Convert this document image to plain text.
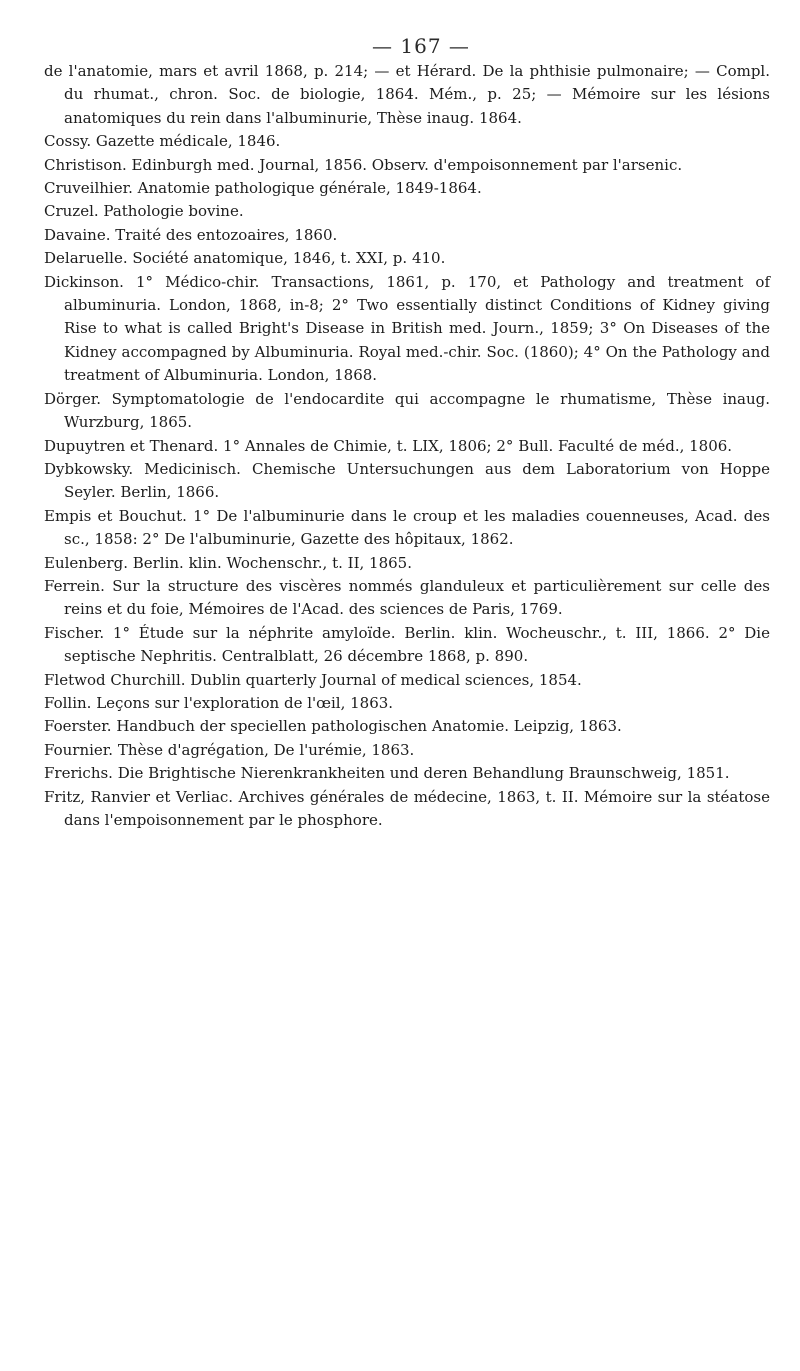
— 167 —
de l'anatomie, mars et avril 1868, p. 214; — et Hérard. De la phthisie pulmonaire; — Compl. du rhumat., chron. Soc. de biologie, 1864. Mém., p. 25; — Mémoire sur les lésions anatomiques du rein dans l'albuminurie, Thèse inaug. 1864.
Cossy. Gazette médicale, 1846.
Christison. Edinburgh med. Journal, 1856. Observ. d'empoisonnement par l'arsenic.
Cruveilhier. Anatomie pathologique générale, 1849-1864.
Cruzel. Pathologie bovine.
Davaine. Traité des entozoaires, 1860.
Delaruelle. Société anatomique, 1846, t. XXI, p. 410.
Dickinson. 1° Médico-chir. Transactions, 1861, p. 170, et Pathology and treatment of albuminuria. London, 1868, in-8; 2° Two essentially distinct Conditions of Kidney giving Rise to what is called Bright's Disease in British med. Journ., 1859; 3° On Diseases of the Kidney accompagned by Albuminuria. Royal med.-chir. Soc. (1860); 4° On the Pathology and treatment of Albuminuria. London, 1868.
Dörger. Symptomatologie de l'endocardite qui accompagne le rhumatisme, Thèse inaug. Wurzburg, 1865.
Dupuytren et Thenard. 1° Annales de Chimie, t. LIX, 1806; 2° Bull. Faculté de méd., 1806.
Dybkowsky. Medicinisch. Chemische Untersuchungen aus dem Laboratorium von Hoppe Seyler. Berlin, 1866.
Empis et Bouchut. 1° De l'albuminurie dans le croup et les maladies couenneuses, Acad. des sc., 1858: 2° De l'albuminurie, Gazette des hôpitaux, 1862.
Eulenberg. Berlin. klin. Wochenschr., t. II, 1865.
Ferrein. Sur la structure des viscères nommés glanduleux et particulièrement sur celle des reins et du foie, Mémoires de l'Acad. des sciences de Paris, 1769.
Fischer. 1° Étude sur la néphrite amyloïde. Berlin. klin. Wocheuschr., t. III, 1866. 2° Die septische Nephritis. Centralblatt, 26 décembre 1868, p. 890.
Fletwod Churchill. Dublin quarterly Journal of medical sciences, 1854.
Follin. Leçons sur l'exploration de l'œil, 1863.
Foerster. Handbuch der speciellen pathologischen Anatomie. Leipzig, 1863.
Fournier. Thèse d'agrégation, De l'urémie, 1863.
Frerichs. Die Brightische Nierenkrankheiten und deren Behandlung Braunschweig, 1851.
Fritz, Ranvier et Verliac. Archives générales de médecine, 1863, t. II. Mémoire sur la stéatose dans l'empoisonnement par le phosphore.
